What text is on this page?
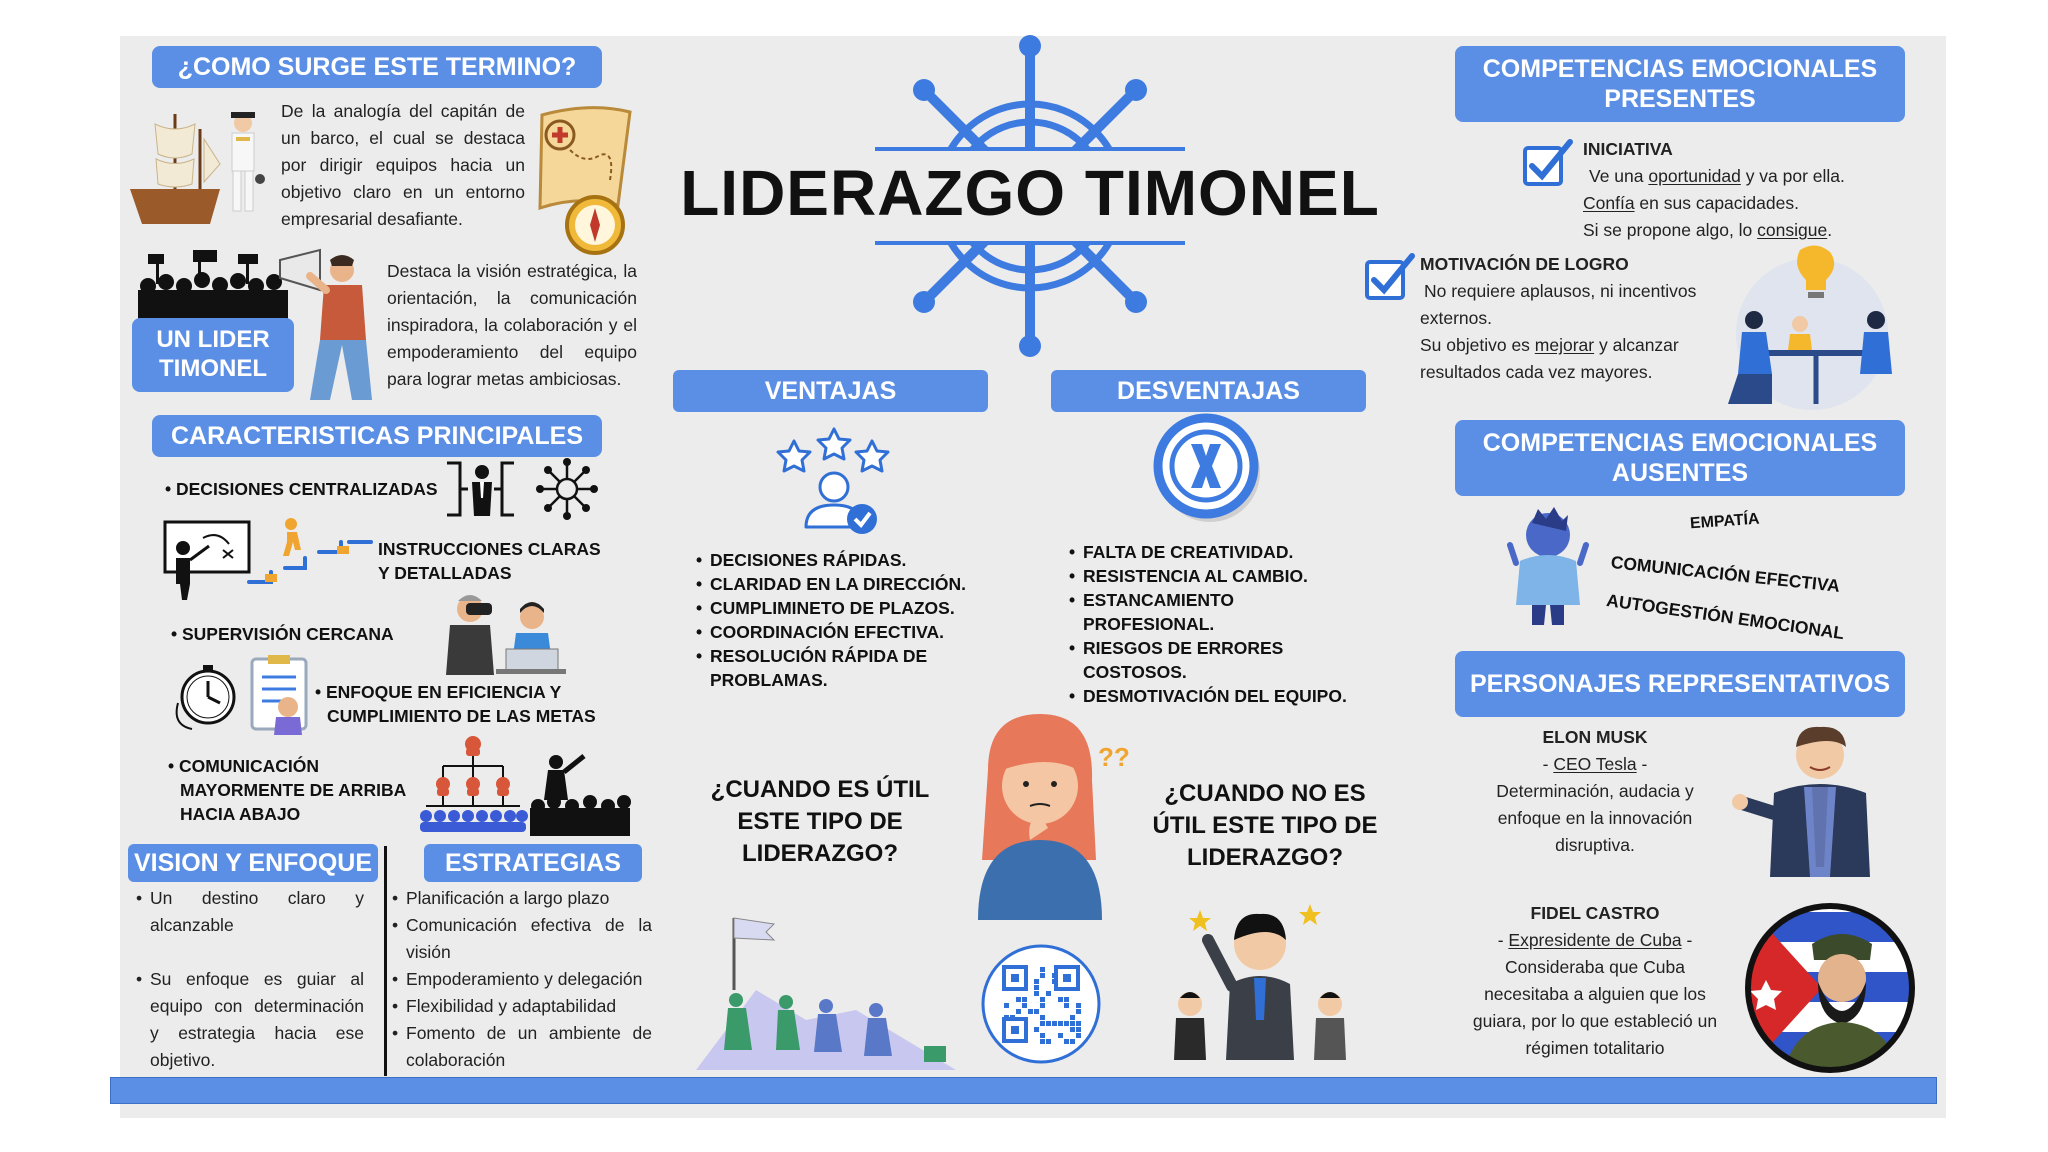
LIDERAZGO TIMONEL
¿COMO SURGE ESTE TERMINO?
De la analogía del capitán de un barco, el cual se destaca por dirigir equipos hacia un objetivo claro en un entorno empresarial desafiante.
UN LIDER
TIMONEL
Destaca la visión estratégica, la orientación, la comunicación inspiradora, la colaboración y el empoderamiento del equipo para lograr metas ambiciosas.
CARACTERISTICAS PRINCIPALES
• DECISIONES CENTRALIZADAS
INSTRUCCIONES CLARAS
Y DETALLADAS
• SUPERVISIÓN CERCANA
• ENFOQUE EN EFICIENCIA Y
CUMPLIMIENTO DE LAS METAS
• COMUNICACIÓN
MAYORMENTE DE ARRIBA
HACIA ABAJO
VISION Y ENFOQUE	ESTRATEGIAS
• Un destino claro y alcanzable
• Su enfoque es guiar al equipo con determinación y estrategia hacia ese objetivo.
• Planificación a largo plazo
• Comunicación efectiva de la visión
• Empoderamiento y delegación
• Flexibilidad y adaptabilidad
• Fomento de un ambiente de colaboración
VENTAJAS	DESVENTAJAS
• DECISIONES RÁPIDAS.
• CLARIDAD EN LA DIRECCIÓN.
• CUMPLIMINETO DE PLAZOS.
• COORDINACIÓN EFECTIVA.
• RESOLUCIÓN RÁPIDA DE PROBLAMAS.
• FALTA DE CREATIVIDAD.
• RESISTENCIA AL CAMBIO.
• ESTANCAMIENTO PROFESIONAL.
• RIESGOS DE ERRORES COSTOSOS.
• DESMOTIVACIÓN DEL EQUIPO.
¿CUANDO ES ÚTIL
ESTE TIPO DE
LIDERAZGO?
??
¿CUANDO NO ES
ÚTIL ESTE TIPO DE
LIDERAZGO?
COMPETENCIAS EMOCIONALES
PRESENTES
INICIATIVA
Ve una oportunidad y va por ella.
Confía en sus capacidades.
Si se propone algo, lo consigue.
MOTIVACIÓN DE LOGRO
No requiere aplausos, ni incentivos
externos.
Su objetivo es mejorar y alcanzar
resultados cada vez mayores.
COMPETENCIAS EMOCIONALES
AUSENTES
EMPATÍA
COMUNICACIÓN EFECTIVA
AUTOGESTIÓN EMOCIONAL
PERSONAJES REPRESENTATIVOS
ELON MUSK
- CEO Tesla -
Determinación, audacia y
enfoque en la innovación
disruptiva.
FIDEL CASTRO
- Expresidente de Cuba -
Consideraba que Cuba
necesitaba a alguien que los
guiara, por lo que estableció un
régimen totalitario
